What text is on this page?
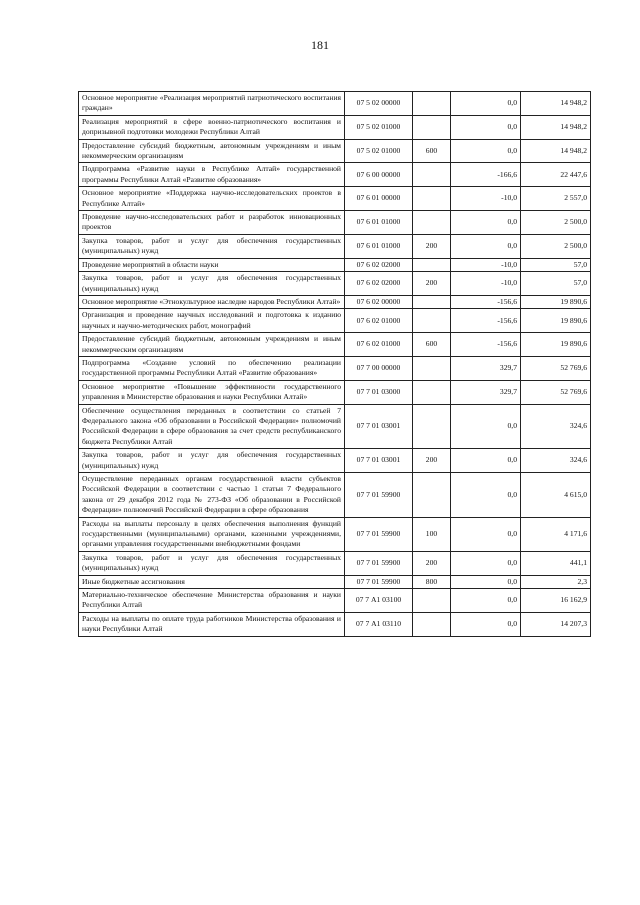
181
Основное мероприятие «Реализация мероприятий патриотического воспитания граждан»	07 5 02 00000		0,0	14 948,2
Реализация мероприятий в сфере военно-патриотического воспитания и допризывной подготовки молодежи Республики Алтай	07 5 02 01000		0,0	14 948,2
Предоставление субсидий бюджетным, автономным учреждениям и иным некоммерческим организациям	07 5 02 01000	600	0,0	14 948,2
Подпрограмма «Развитие науки в Республике Алтай» государственной программы Республики Алтай «Развитие образования»	07 6 00 00000		-166,6	22 447,6
Основное мероприятие «Поддержка научно-исследовательских проектов в Республике Алтай»	07 6 01 00000		-10,0	2 557,0
Проведение научно-исследовательских работ и разработок инновационных проектов	07 6 01 01000		0,0	2 500,0
Закупка товаров, работ и услуг для обеспечения государственных (муниципальных) нужд	07 6 01 01000	200	0,0	2 500,0
Проведение мероприятий в области науки	07 6 02 02000		-10,0	57,0
Закупка товаров, работ и услуг для обеспечения государственных (муниципальных) нужд	07 6 02 02000	200	-10,0	57,0
Основное мероприятие «Этнокультурное наследие народов Республики Алтай»	07 6 02 00000		-156,6	19 890,6
Организация и проведение научных исследований и подготовка к изданию научных и научно-методических работ, монографий	07 6 02 01000		-156,6	19 890,6
Предоставление субсидий бюджетным, автономным учреждениям и иным некоммерческим организациям	07 6 02 01000	600	-156,6	19 890,6
Подпрограмма «Создание условий по обеспечению реализации государственной программы Республики Алтай «Развитие образования»	07 7 00 00000		329,7	52 769,6
Основное мероприятие «Повышение эффективности государственного управления в Министерстве образования и науки Республики Алтай»	07 7 01 03000		329,7	52 769,6
Обеспечение осуществления переданных в соответствии со статьей 7 Федерального закона «Об образовании в Российской Федерации» полномочий Российской Федерации в сфере образования за счет средств республиканского бюджета Республики Алтай	07 7 01 03001		0,0	324,6
Закупка товаров, работ и услуг для обеспечения государственных (муниципальных) нужд	07 7 01 03001	200	0,0	324,6
Осуществление переданных органам государственной власти субъектов Российской Федерации в соответствии с частью 1 статьи 7 Федерального закона от 29 декабря 2012 года № 273-ФЗ «Об образовании в Российской Федерации» полномочий Российской Федерации в сфере образования	07 7 01 59900		0,0	4 615,0
Расходы на выплаты персоналу в целях обеспечения выполнения функций государственными (муниципальными) органами, казенными учреждениями, органами управления государственными внебюджетными фондами	07 7 01 59900	100	0,0	4 171,6
Закупка товаров, работ и услуг для обеспечения государственных (муниципальных) нужд	07 7 01 59900	200	0,0	441,1
Иные бюджетные ассигнования	07 7 01 59900	800	0,0	2,3
Материально-техническое обеспечение Министерства образования и науки Республики Алтай	07 7 А1 03100		0,0	16 162,9
Расходы на выплаты по оплате труда работников Министерства образования и науки Республики Алтай	07 7 А1 03110		0,0	14 207,3
